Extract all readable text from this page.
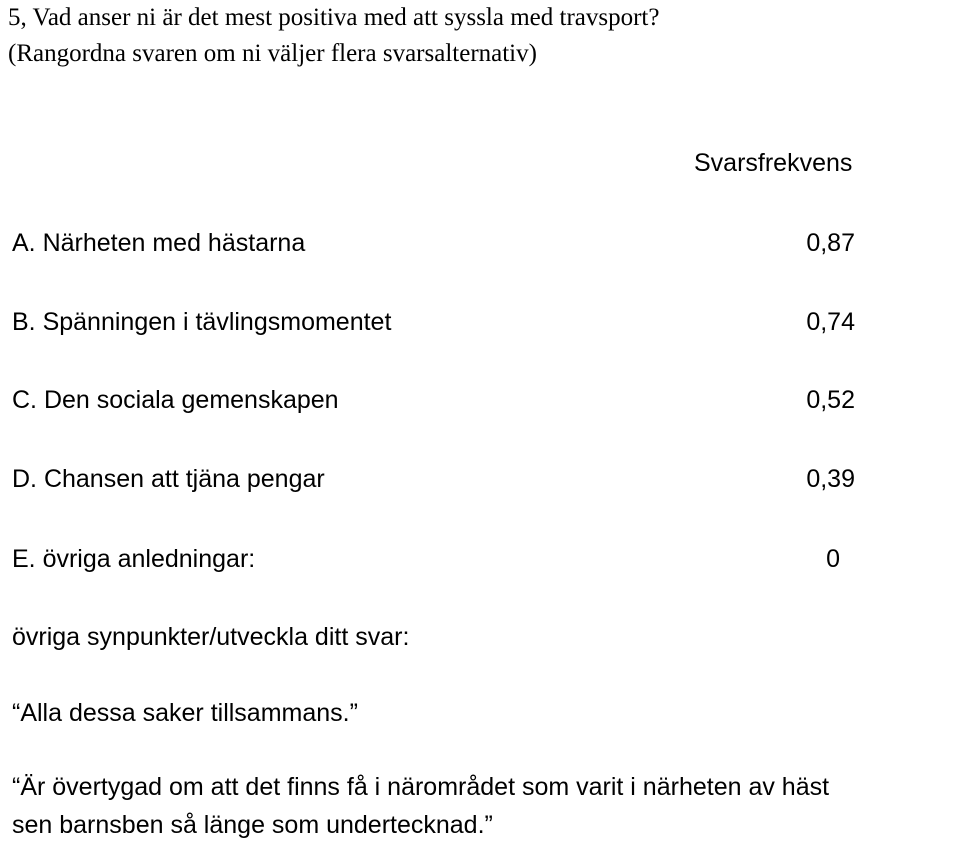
5, Vad anser ni är det mest positiva med att syssla med travsport?
(Rangordna svaren om ni väljer flera svarsalternativ)
Svarsfrekvens
A. Närheten med hästarna	0,87
B. Spänningen i tävlingsmomentet	0,74
C. Den sociala gemenskapen	0,52
D. Chansen att tjäna pengar	0,39
E. övriga anledningar:	0
övriga synpunkter/utveckla ditt svar:
“Alla dessa saker tillsammans.”
“Är övertygad om att det finns få i närområdet som varit i närheten av häst
sen barnsben så länge som undertecknad.”
